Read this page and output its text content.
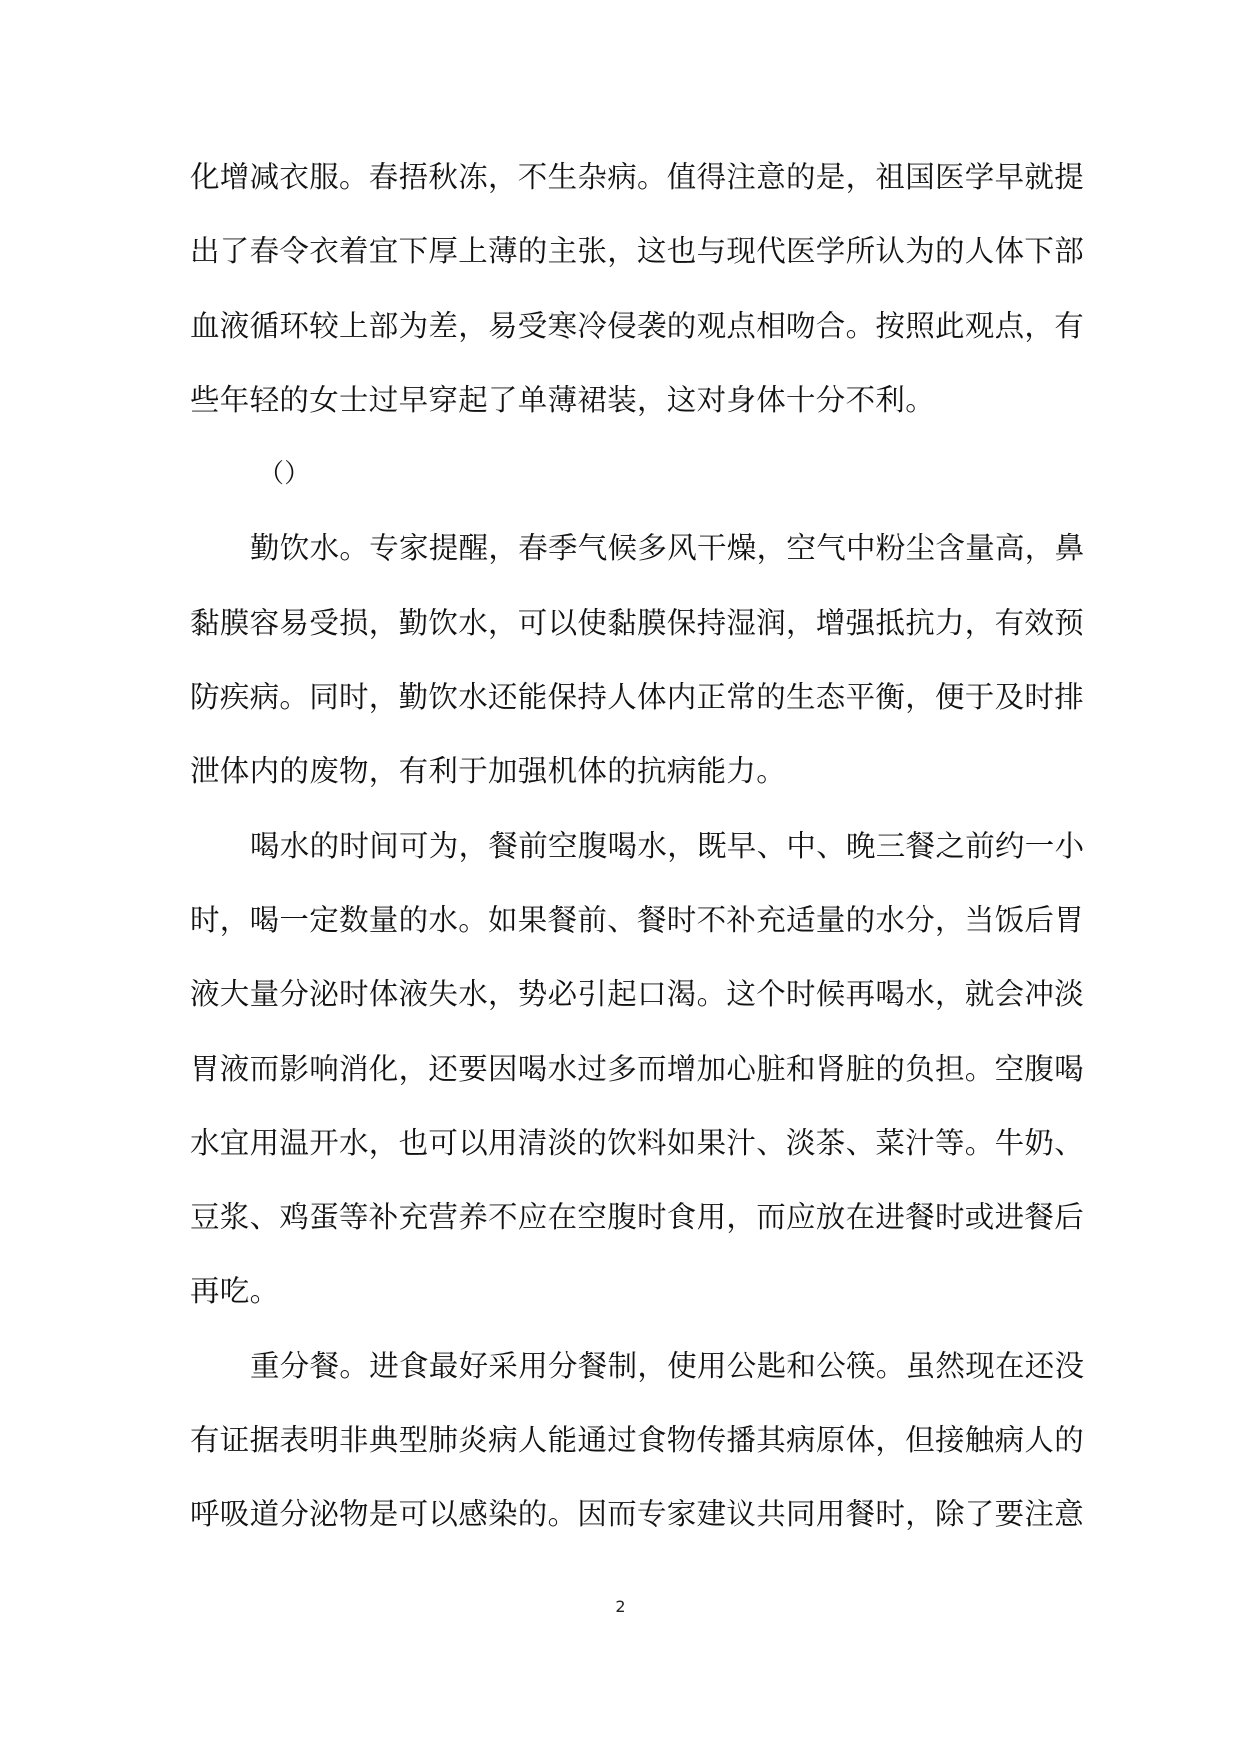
化增减衣服。春捂秋冻，不生杂病。值得注意的是，祖国医学早就提
出了春令衣着宜下厚上薄的主张，这也与现代医学所认为的人体下部
血液循环较上部为差，易受寒冷侵袭的观点相吻合。按照此观点，有
些年轻的女士过早穿起了单薄裙装，这对身体十分不利。
（）
勤饮水。专家提醒，春季气候多风干燥，空气中粉尘含量高，鼻
黏膜容易受损，勤饮水，可以使黏膜保持湿润，增强抵抗力，有效预
防疾病。同时，勤饮水还能保持人体内正常的生态平衡，便于及时排
泄体内的废物，有利于加强机体的抗病能力。
喝水的时间可为，餐前空腹喝水，既早、中、晚三餐之前约一小
时，喝一定数量的水。如果餐前、餐时不补充适量的水分，当饭后胃
液大量分泌时体液失水，势必引起口渴。这个时候再喝水，就会冲淡
胃液而影响消化，还要因喝水过多而增加心脏和肾脏的负担。空腹喝
水宜用温开水，也可以用清淡的饮料如果汁、淡茶、菜汁等。牛奶、
豆浆、鸡蛋等补充营养不应在空腹时食用，而应放在进餐时或进餐后
再吃。
重分餐。进食最好采用分餐制，使用公匙和公筷。虽然现在还没
有证据表明非典型肺炎病人能通过食物传播其病原体，但接触病人的
呼吸道分泌物是可以感染的。因而专家建议共同用餐时，除了要注意
2
